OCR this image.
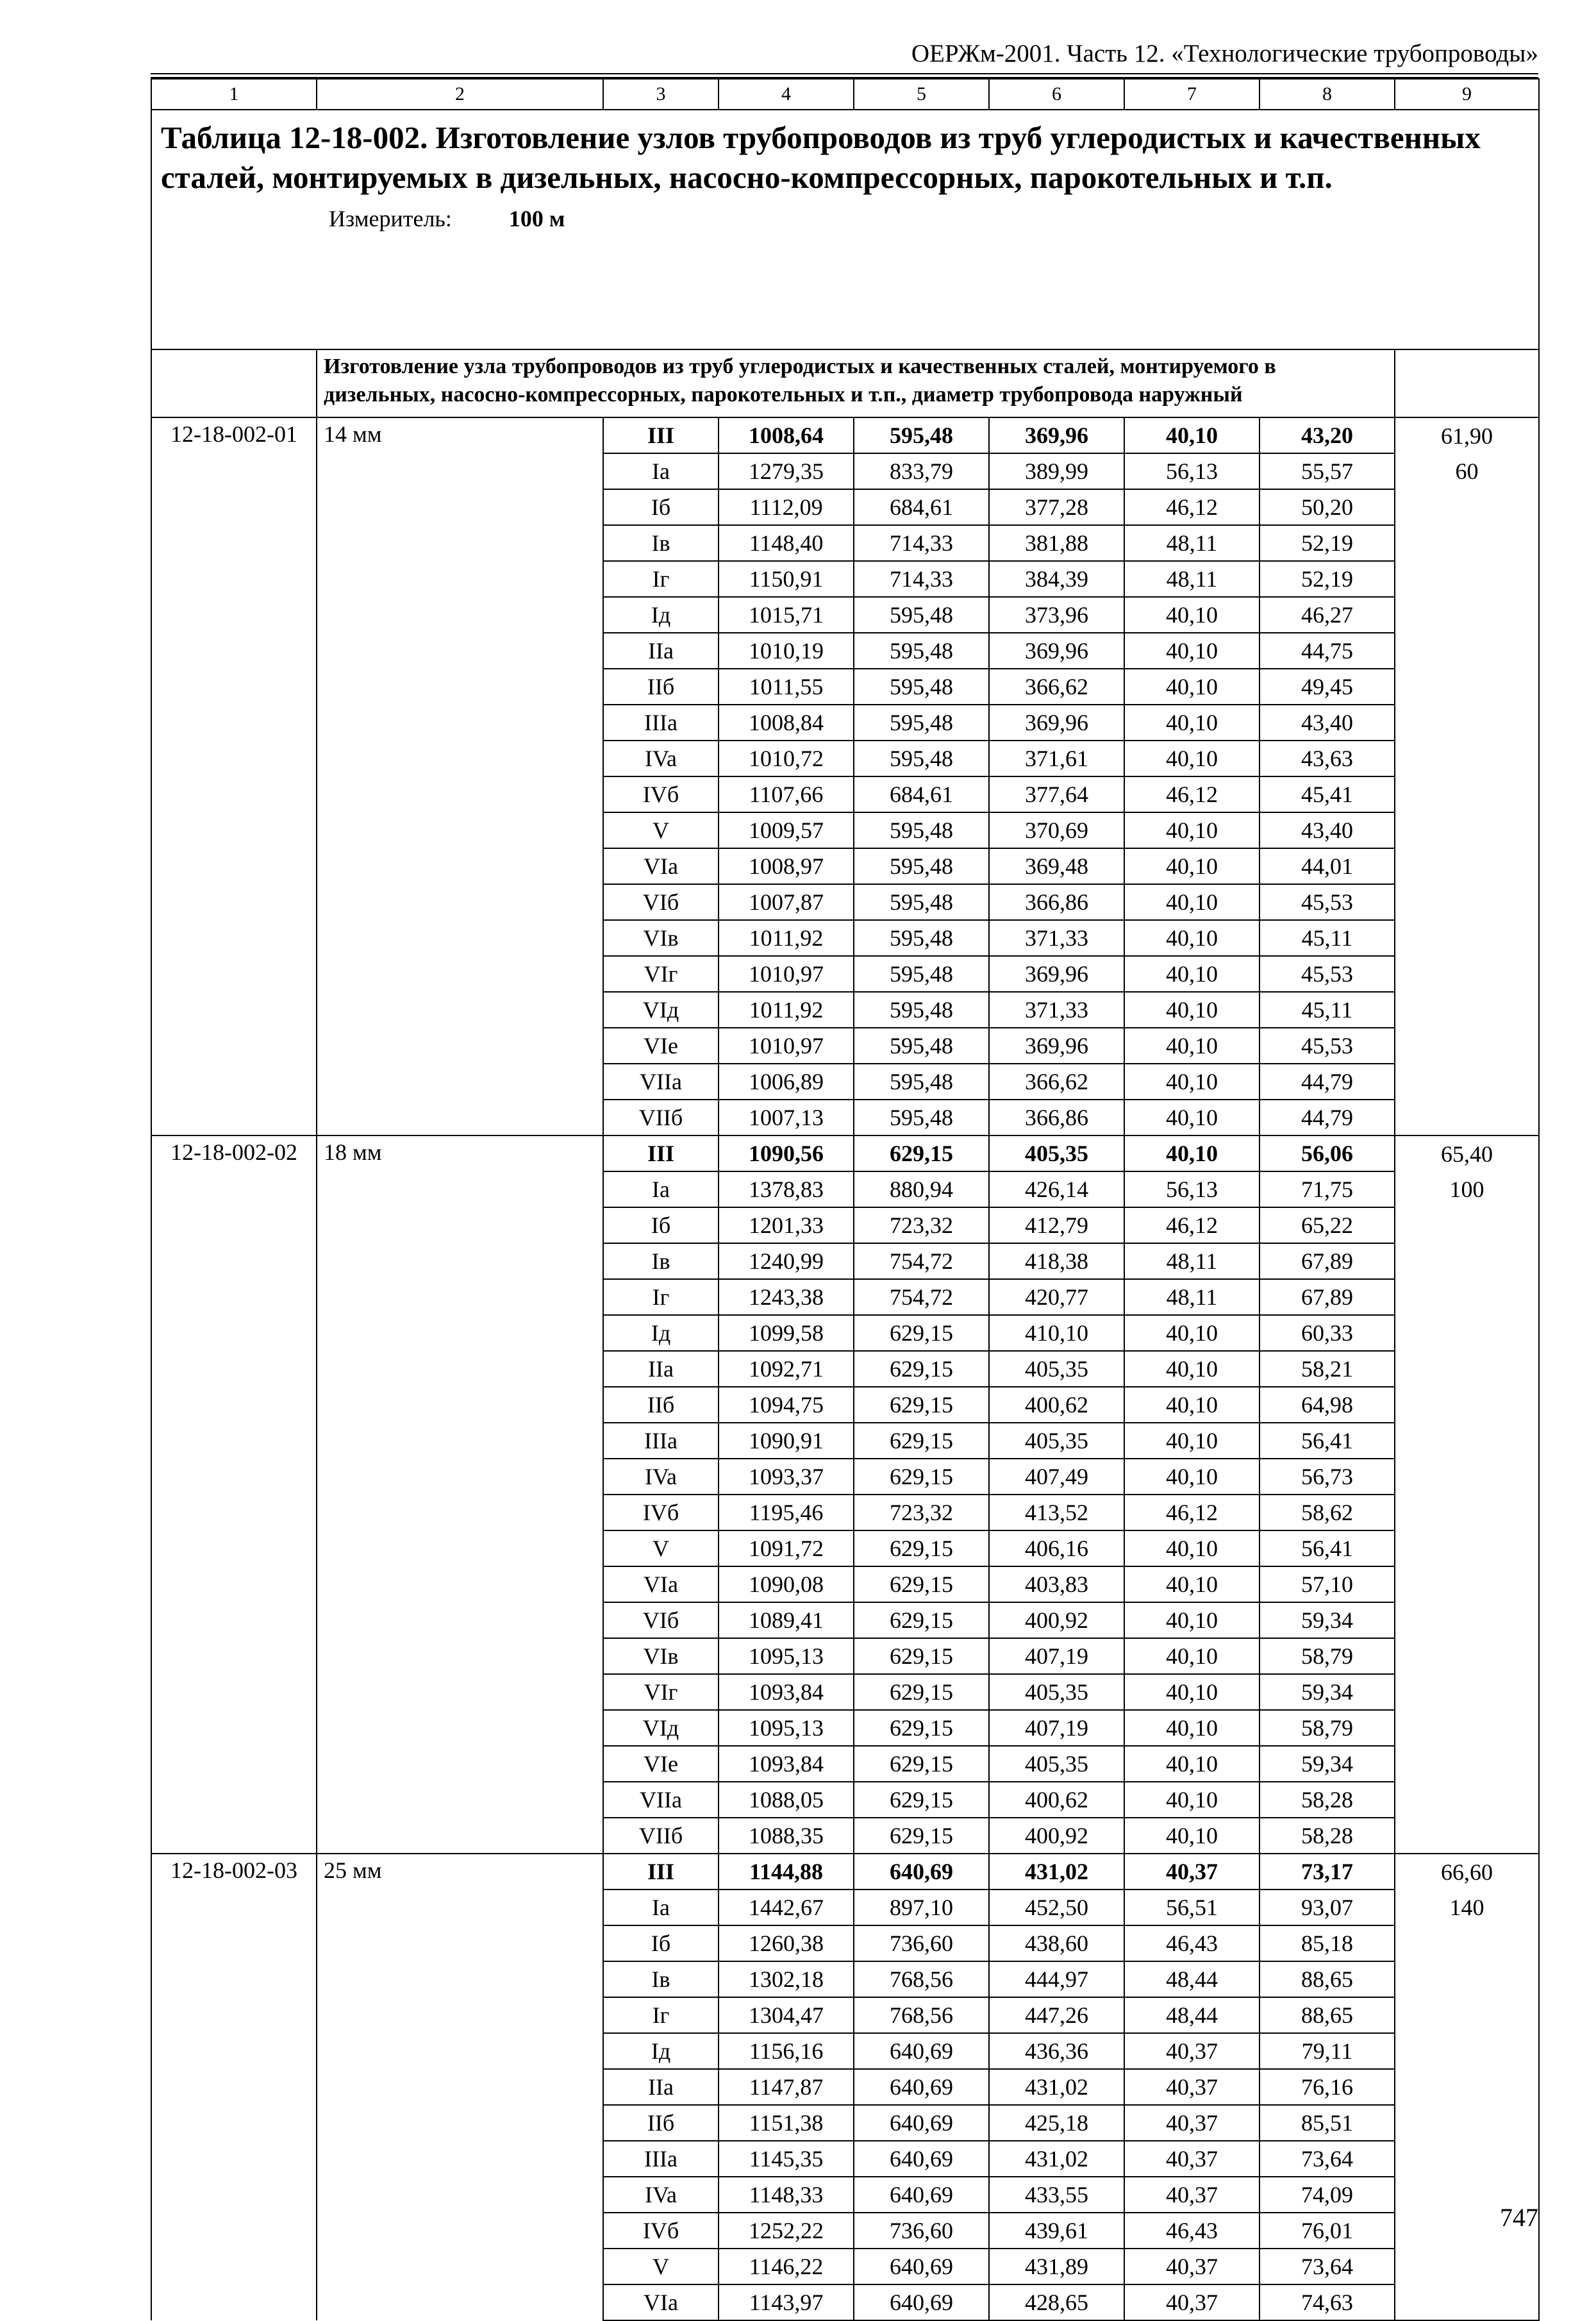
ОЕРЖм-2001. Часть 12. «Технологические трубопроводы»
1	2	3	4	5	6	7	8	9

Таблица 12-18-002. Изготовление узлов трубопроводов из труб углеродистых и качественных сталей, монтируемых в дизельных, насосно-компрессорных, парокотельных и т.п.
Измеритель: 100 м								

	Изготовление узла трубопроводов из труб углеродистых и качественных сталей, монтируемого в дизельных, насосно-компрессорных, парокотельных и т.п., диаметр трубопровода наружный							
12-18-002-01	14 мм	III	1008,64	595,48	369,96	40,10	43,20	61,90
		Ia	1279,35	833,79	389,99	56,13	55,57	60
		Iб	1112,09	684,61	377,28	46,12	50,20	
		Iв	1148,40	714,33	381,88	48,11	52,19	
		Iг	1150,91	714,33	384,39	48,11	52,19	
		Iд	1015,71	595,48	373,96	40,10	46,27	
		IIa	1010,19	595,48	369,96	40,10	44,75	
		IIб	1011,55	595,48	366,62	40,10	49,45	
		IIIa	1008,84	595,48	369,96	40,10	43,40	
		IVa	1010,72	595,48	371,61	40,10	43,63	
		IVб	1107,66	684,61	377,64	46,12	45,41	
		V	1009,57	595,48	370,69	40,10	43,40	
		VIa	1008,97	595,48	369,48	40,10	44,01	
		VIб	1007,87	595,48	366,86	40,10	45,53	
		VIв	1011,92	595,48	371,33	40,10	45,11	
		VIг	1010,97	595,48	369,96	40,10	45,53	
		VIд	1011,92	595,48	371,33	40,10	45,11	
		VIe	1010,97	595,48	369,96	40,10	45,53	
		VIIa	1006,89	595,48	366,62	40,10	44,79	
		VIIб	1007,13	595,48	366,86	40,10	44,79	
12-18-002-02	18 мм	III	1090,56	629,15	405,35	40,10	56,06	65,40
		Ia	1378,83	880,94	426,14	56,13	71,75	100
		Iб	1201,33	723,32	412,79	46,12	65,22	
		Iв	1240,99	754,72	418,38	48,11	67,89	
		Iг	1243,38	754,72	420,77	48,11	67,89	
		Iд	1099,58	629,15	410,10	40,10	60,33	
		IIa	1092,71	629,15	405,35	40,10	58,21	
		IIб	1094,75	629,15	400,62	40,10	64,98	
		IIIa	1090,91	629,15	405,35	40,10	56,41	
		IVa	1093,37	629,15	407,49	40,10	56,73	
		IVб	1195,46	723,32	413,52	46,12	58,62	
		V	1091,72	629,15	406,16	40,10	56,41	
		VIa	1090,08	629,15	403,83	40,10	57,10	
		VIб	1089,41	629,15	400,92	40,10	59,34	
		VIв	1095,13	629,15	407,19	40,10	58,79	
		VIг	1093,84	629,15	405,35	40,10	59,34	
		VIд	1095,13	629,15	407,19	40,10	58,79	
		VIe	1093,84	629,15	405,35	40,10	59,34	
		VIIa	1088,05	629,15	400,62	40,10	58,28	
		VIIб	1088,35	629,15	400,92	40,10	58,28	
12-18-002-03	25 мм	III	1144,88	640,69	431,02	40,37	73,17	66,60
		Ia	1442,67	897,10	452,50	56,51	93,07	140
		Iб	1260,38	736,60	438,60	46,43	85,18	
		Iв	1302,18	768,56	444,97	48,44	88,65	
		Iг	1304,47	768,56	447,26	48,44	88,65	
		Iд	1156,16	640,69	436,36	40,37	79,11	
		IIa	1147,87	640,69	431,02	40,37	76,16	
		IIб	1151,38	640,69	425,18	40,37	85,51	
		IIIa	1145,35	640,69	431,02	40,37	73,64	
		IVa	1148,33	640,69	433,55	40,37	74,09	
		IVб	1252,22	736,60	439,61	46,43	76,01	
		V	1146,22	640,69	431,89	40,37	73,64	
		VIa	1143,97	640,69	428,65	40,37	74,63	
747
